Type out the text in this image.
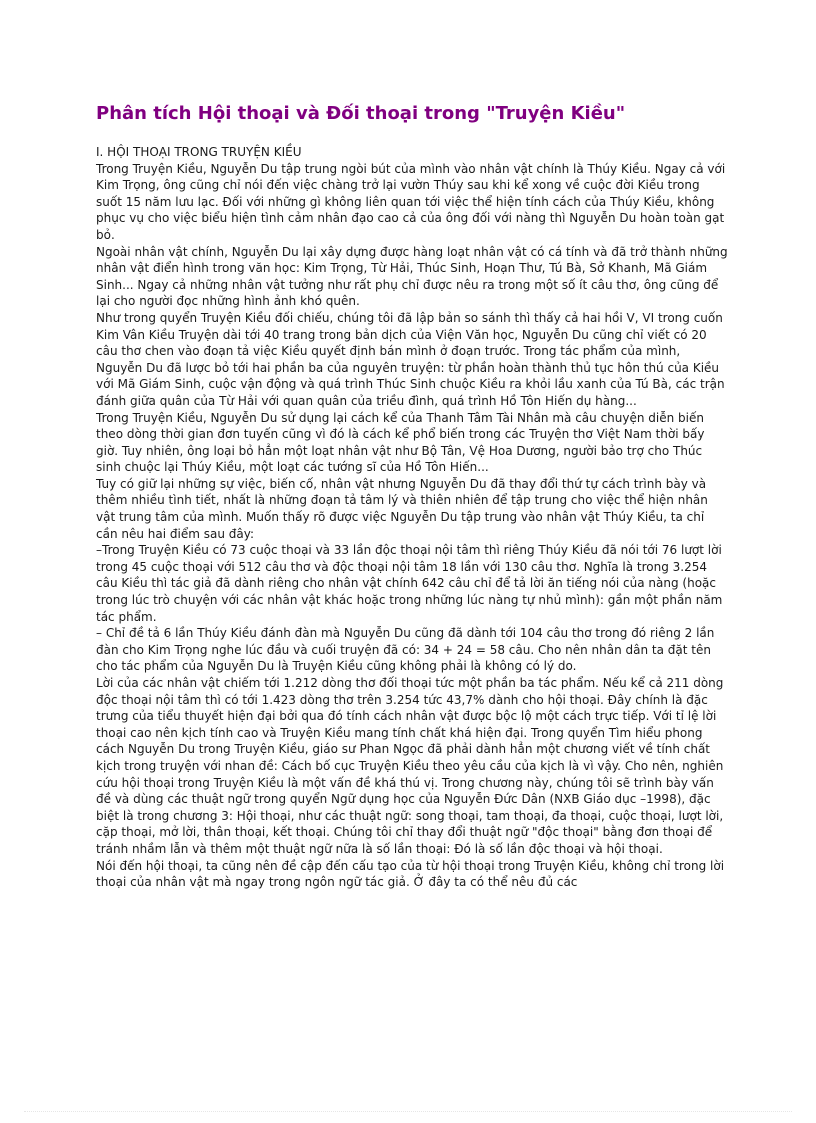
Phân tích Hội thoại và Đối thoại trong "Truyện Kiều"

I. HỘI THOẠI TRONG TRUYỆN KIỀU

Trong Truyện Kiều, Nguyễn Du tập trung ngòi bút của mình vào nhân vật chính là Thúy Kiều. Ngay cả với Kim Trọng, ông cũng chỉ nói đến việc chàng trở lại vườn Thúy sau khi kể xong về cuộc đời Kiều trong suốt 15 năm lưu lạc. Đối với những gì không liên quan tới việc thể hiện tính cách của Thúy Kiều, không phục vụ cho việc biểu hiện tình cảm nhân đạo cao cả của ông đối với nàng thì Nguyễn Du hoàn toàn gạt bỏ.

Ngoài nhân vật chính, Nguyễn Du lại xây dựng được hàng loạt nhân vật có cá tính và đã trở thành những nhân vật điển hình trong văn học: Kim Trọng, Từ Hải, Thúc Sinh, Hoạn Thư, Tú Bà, Sở Khanh, Mã Giám Sinh... Ngay cả những nhân vật tưởng như rất phụ chỉ được nêu ra trong một số ít câu thơ, ông cũng để lại cho người đọc những hình ảnh khó quên.

Như trong quyển Truyện Kiều đối chiếu, chúng tôi đã lập bản so sánh thì thấy cả hai hồi V, VI trong cuốn Kim Vân Kiều Truyện dài tới 40 trang trong bản dịch của Viện Văn học, Nguyễn Du cũng chỉ viết có 20 câu thơ chen vào đoạn tả việc Kiều quyết định bán mình ở đoạn trước. Trong tác phẩm của mình, Nguyễn Du đã lược bỏ tới hai phần ba của nguyên truyện: từ phần hoàn thành thủ tục hôn thú của Kiều với Mã Giám Sinh, cuộc vận động và quá trình Thúc Sinh chuộc Kiều ra khỏi lầu xanh của Tú Bà, các trận đánh giữa quân của Từ Hải với quan quân của triều đình, quá trình Hồ Tôn Hiến dụ hàng...

Trong Truyện Kiều, Nguyễn Du sử dụng lại cách kể của Thanh Tâm Tài Nhân mà câu chuyện diễn biến theo dòng thời gian đơn tuyến cũng vì đó là cách kể phổ biến trong các Truyện thơ Việt Nam thời bấy giờ. Tuy nhiên, ông loại bỏ hẳn một loạt nhân vật như Bộ Tân, Vệ Hoa Dương, người bảo trợ cho Thúc sinh chuộc lại Thúy Kiều, một loạt các tướng sĩ của Hồ Tôn Hiến...

Tuy có giữ lại những sự việc, biến cố, nhân vật nhưng Nguyễn Du đã thay đổi thứ tự cách trình bày và thêm nhiều tình tiết, nhất là những đoạn tả tâm lý và thiên nhiên để tập trung cho việc thể hiện nhân vật trung tâm của mình. Muốn thấy rõ được việc Nguyễn Du tập trung vào nhân vật Thúy Kiều, ta chỉ cần nêu hai điểm sau đây:

–Trong Truyện Kiều có 73 cuộc thoại và 33 lần độc thoại nội tâm thì riêng Thúy Kiều đã nói tới 76 lượt lời trong 45 cuộc thoại với 512 câu thơ và độc thoại nội tâm 18 lần với 130 câu thơ. Nghĩa là trong 3.254 câu Kiều thì tác giả đã dành riêng cho nhân vật chính 642 câu chỉ để tả lời ăn tiếng nói của nàng (hoặc trong lúc trò chuyện với các nhân vật khác hoặc trong những lúc nàng tự nhủ mình): gần một phần năm tác phẩm.

– Chỉ đề tả 6 lần Thúy Kiều đánh đàn mà Nguyễn Du cũng đã dành tới 104 câu thơ trong đó riêng 2 lần đàn cho Kim Trọng nghe lúc đầu và cuối truyện đã có: 34 + 24 = 58 câu. Cho nên nhân dân ta đặt tên cho tác phẩm của Nguyễn Du là Truyện Kiều cũng không phải là không có lý do.

Lời của các nhân vật chiếm tới 1.212 dòng thơ đối thoại tức một phần ba tác phẩm. Nếu kể cả 211 dòng độc thoại nội tâm thì có tới 1.423 dòng thơ trên 3.254 tức 43,7% dành cho hội thoại. Đây chính là đặc trưng của tiểu thuyết hiện đại bởi qua đó tính cách nhân vật được bộc lộ một cách trực tiếp. Với tỉ lệ lời thoại cao nên kịch tính cao và Truyện Kiều mang tính chất khá hiện đại. Trong quyển Tìm hiểu phong cách Nguyễn Du trong Truyện Kiều, giáo sư Phan Ngọc đã phải dành hẳn một chương viết về tính chất kịch trong truyện với nhan đề: Cách bố cục Truyện Kiều theo yêu cầu của kịch là vì vậy. Cho nên, nghiên cứu hội thoại trong Truyện Kiều là một vấn đề khá thú vị. Trong chương này, chúng tôi sẽ trình bày vấn đề và dùng các thuật ngữ trong quyển Ngữ dụng học của Nguyễn Đức Dân (NXB Giáo dục –1998), đặc biệt là trong chương 3: Hội thoại, như các thuật ngữ: song thoại, tam thoại, đa thoại, cuộc thoại, lượt lời, cặp thoại, mở lời, thân thoại, kết thoại. Chúng tôi chỉ thay đổi thuật ngữ "độc thoại" bằng đơn thoại để tránh nhầm lẫn và thêm một thuật ngữ nữa là số lần thoại: Đó là số lần độc thoại và hội thoại.

Nói đến hội thoại, ta cũng nên đề cập đến cấu tạo của từ hội thoại trong Truyện Kiều, không chỉ trong lời thoại của nhân vật mà ngay trong ngôn ngữ tác giả. Ở đây ta có thể nêu đủ các
